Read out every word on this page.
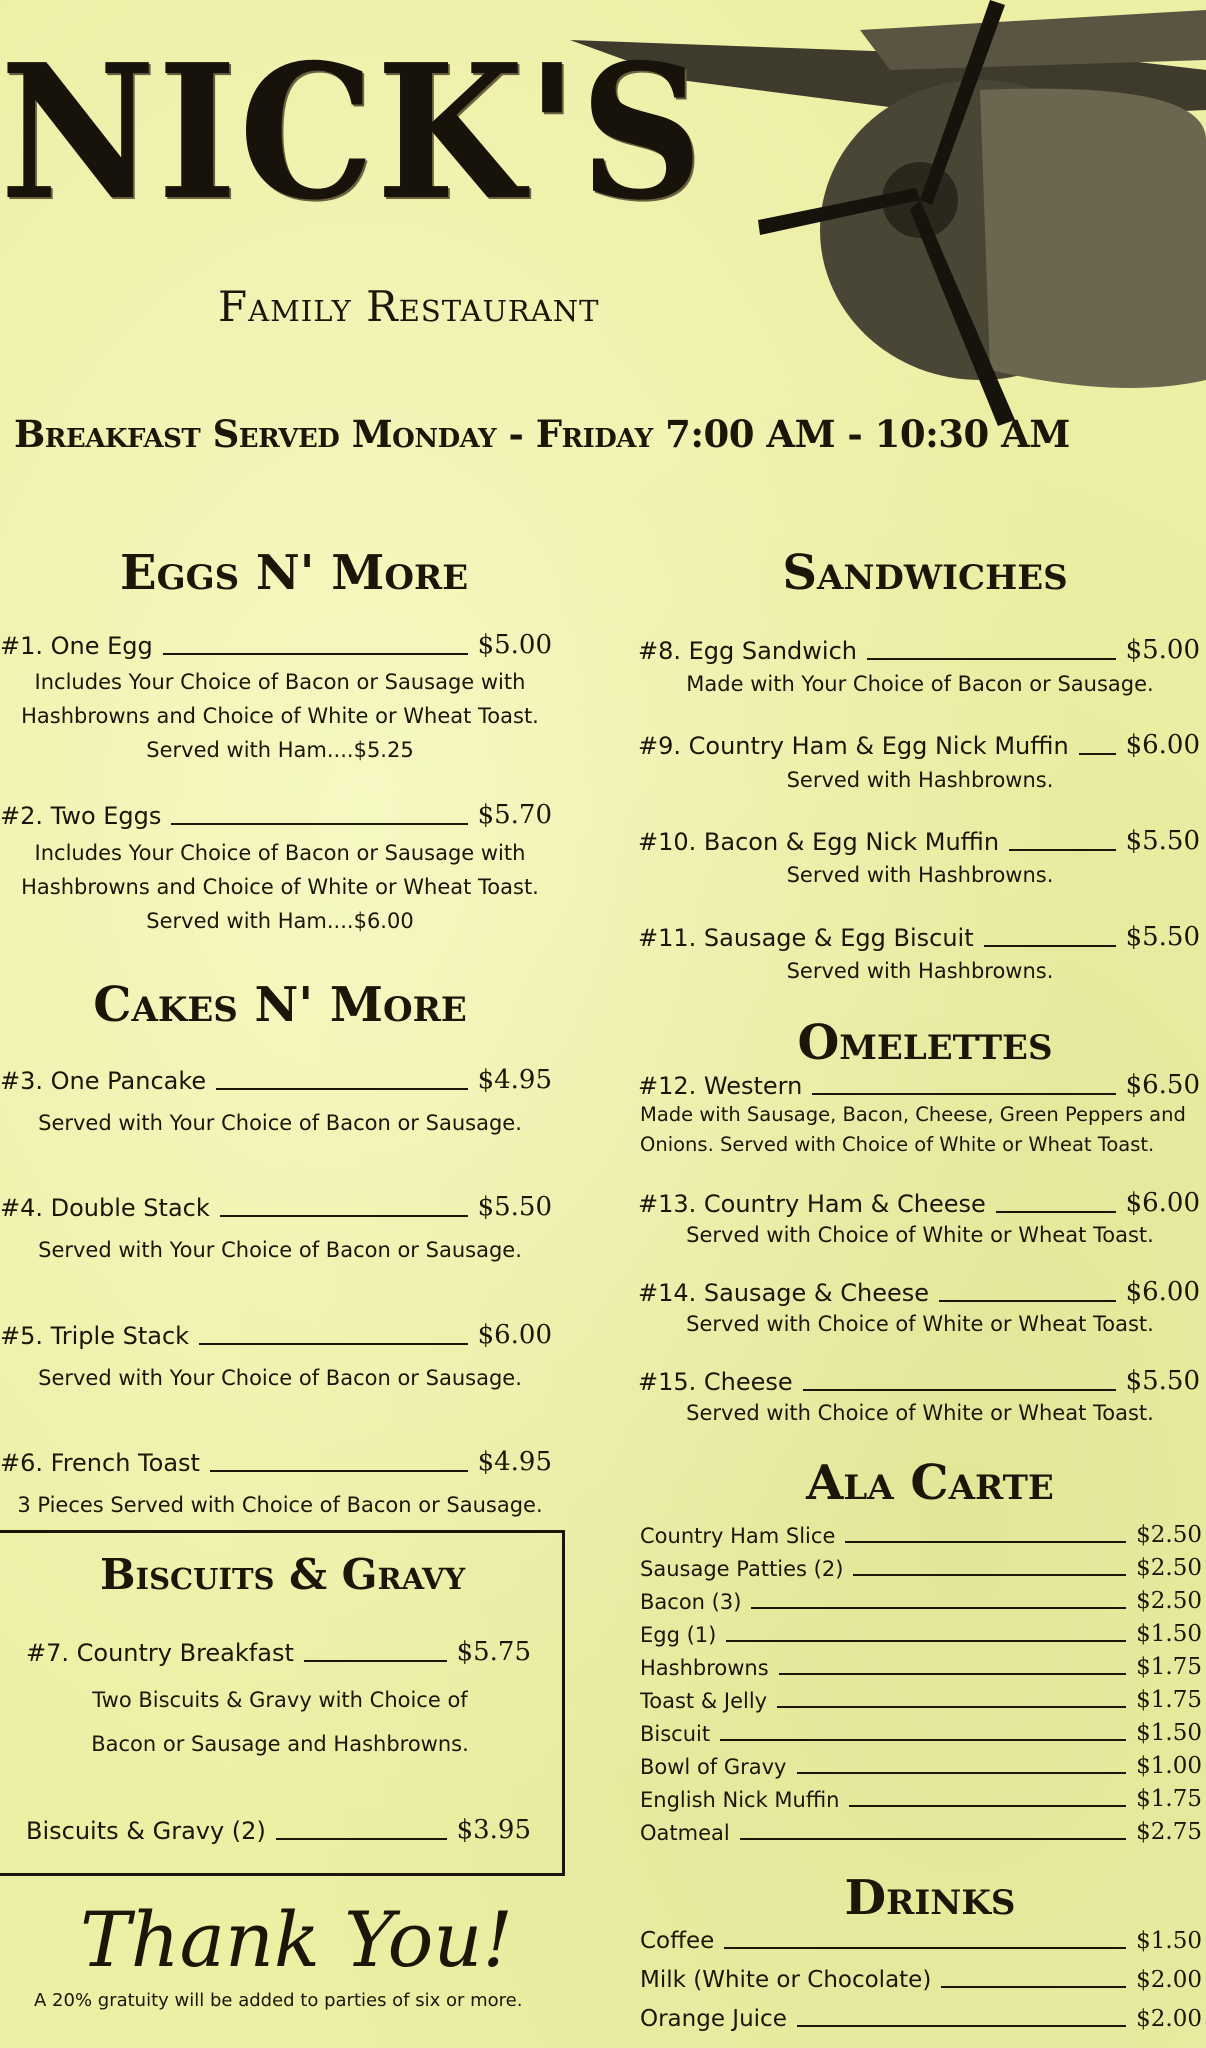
NICK'S
Family Restaurant
Breakfast Served Monday - Friday 7:00 AM - 10:30 AM
Eggs N' More
#1. One Egg	$5.00
Includes Your Choice of Bacon or Sausage with
Hashbrowns and Choice of White or Wheat Toast.
Served with Ham....$5.25
#2. Two Eggs	$5.70
Includes Your Choice of Bacon or Sausage with
Hashbrowns and Choice of White or Wheat Toast.
Served with Ham....$6.00
Cakes N' More
#3. One Pancake	$4.95
Served with Your Choice of Bacon or Sausage.
#4. Double Stack	$5.50
Served with Your Choice of Bacon or Sausage.
#5. Triple Stack	$6.00
Served with Your Choice of Bacon or Sausage.
#6. French Toast	$4.95
3 Pieces Served with Choice of Bacon or Sausage.
Biscuits & Gravy
#7. Country Breakfast	$5.75
Two Biscuits & Gravy with Choice of
Bacon or Sausage and Hashbrowns.
Biscuits & Gravy (2)	$3.95
Thank You!
A 20% gratuity will be added to parties of six or more.
Sandwiches
#8. Egg Sandwich	$5.00
Made with Your Choice of Bacon or Sausage.
#9. Country Ham & Egg Nick Muffin $6.00
Served with Hashbrowns.
#10. Bacon & Egg Nick Muffin	$5.50
Served with Hashbrowns.
#11. Sausage & Egg Biscuit	$5.50
Served with Hashbrowns.
Omelettes
#12. Western	$6.50
Made with Sausage, Bacon, Cheese, Green Peppers and
Onions. Served with Choice of White or Wheat Toast.
#13. Country Ham & Cheese	$6.00
Served with Choice of White or Wheat Toast.
#14. Sausage & Cheese	$6.00
Served with Choice of White or Wheat Toast.
#15. Cheese	$5.50
Served with Choice of White or Wheat Toast.
Ala Carte
Country Ham Slice	$2.50
Sausage Patties (2)	$2.50
Bacon (3)	$2.50
Egg (1)	$1.50
Hashbrowns	$1.75
Toast & Jelly	$1.75
Biscuit	$1.50
Bowl of Gravy	$1.00
English Nick Muffin	$1.75
Oatmeal	$2.75
Drinks
Coffee	$1.50
Milk (White or Chocolate)	$2.00
Orange Juice	$2.00
